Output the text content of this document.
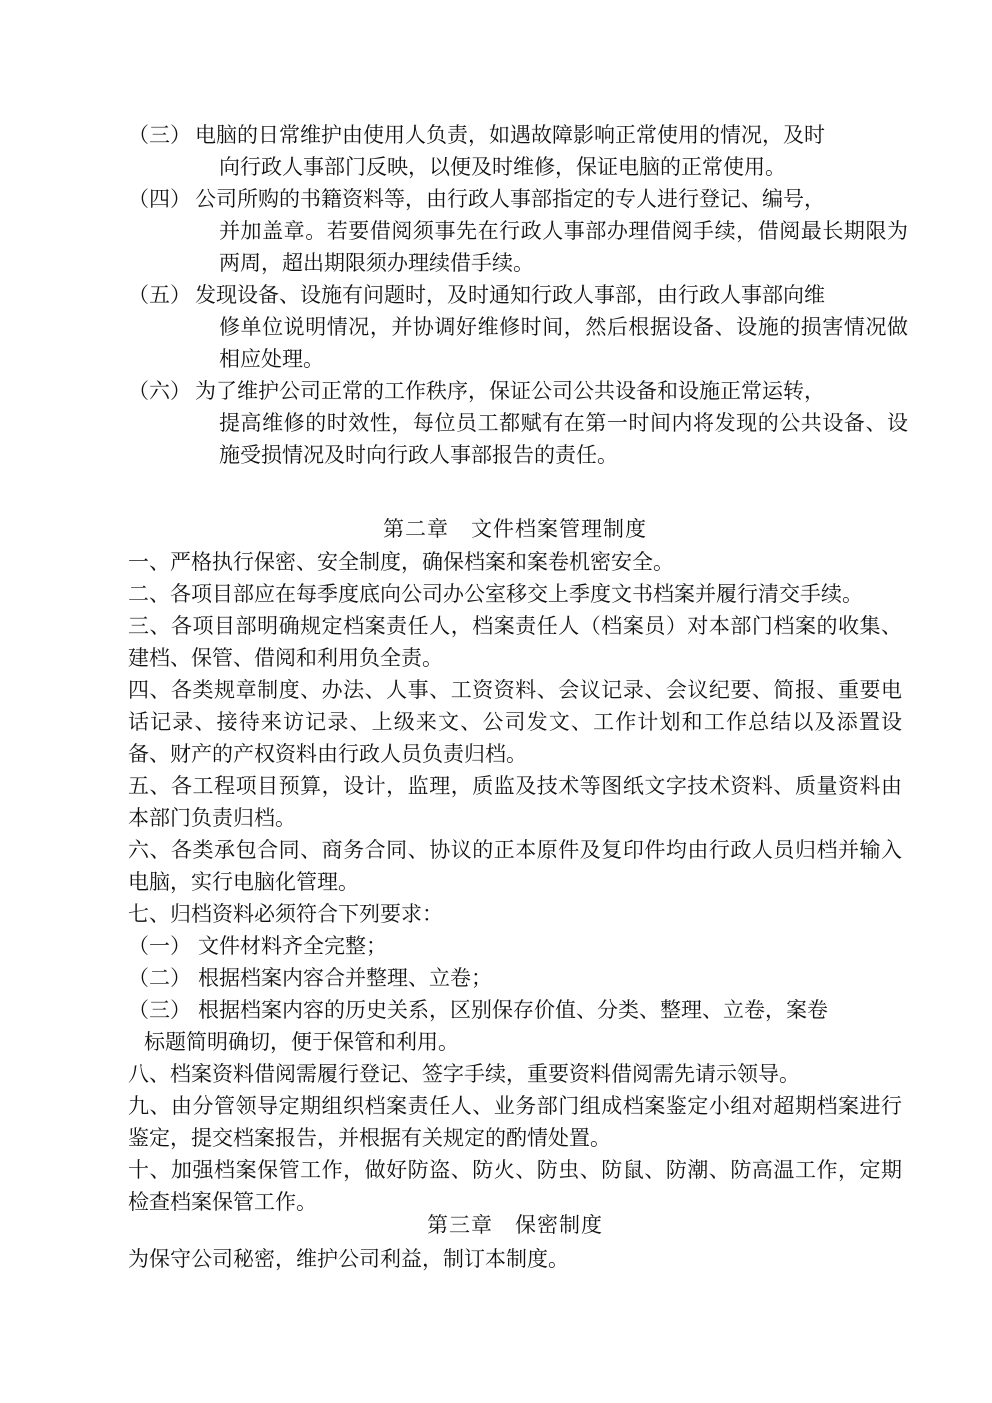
（三） 电脑的日常维护由使用人负责，如遇故障影响正常使用的情况，及时
向行政人事部门反映，以便及时维修，保证电脑的正常使用。
（四） 公司所购的书籍资料等，由行政人事部指定的专人进行登记、编号，
并加盖章。若要借阅须事先在行政人事部办理借阅手续，借阅最长期限为两周，超出期限须办理续借手续。
（五） 发现设备、设施有问题时，及时通知行政人事部，由行政人事部向维
修单位说明情况，并协调好维修时间，然后根据设备、设施的损害情况做相应处理。
（六） 为了维护公司正常的工作秩序，保证公司公共设备和设施正常运转，
提高维修的时效性，每位员工都赋有在第一时间内将发现的公共设备、设施受损情况及时向行政人事部报告的责任。
第二章　文件档案管理制度
一、严格执行保密、安全制度，确保档案和案卷机密安全。
二、各项目部应在每季度底向公司办公室移交上季度文书档案并履行清交手续。
三、各项目部明确规定档案责任人，档案责任人（档案员）对本部门档案的收集、建档、保管、借阅和利用负全责。
四、各类规章制度、办法、人事、工资资料、会议记录、会议纪要、简报、重要电话记录、接待来访记录、上级来文、公司发文、工作计划和工作总结以及添置设备、财产的产权资料由行政人员负责归档。
五、各工程项目预算，设计，监理，质监及技术等图纸文字技术资料、质量资料由本部门负责归档。
六、各类承包合同、商务合同、协议的正本原件及复印件均由行政人员归档并输入电脑，实行电脑化管理。
七、归档资料必须符合下列要求：
（一） 文件材料齐全完整；
（二） 根据档案内容合并整理、立卷；
（三） 根据档案内容的历史关系，区别保存价值、分类、整理、立卷，案卷
标题简明确切，便于保管和利用。
八、档案资料借阅需履行登记、签字手续，重要资料借阅需先请示领导。
九、由分管领导定期组织档案责任人、业务部门组成档案鉴定小组对超期档案进行鉴定，提交档案报告，并根据有关规定的酌情处置。
十、加强档案保管工作，做好防盗、防火、防虫、防鼠、防潮、防高温工作，定期检查档案保管工作。
第三章　保密制度
为保守公司秘密，维护公司利益，制订本制度。
